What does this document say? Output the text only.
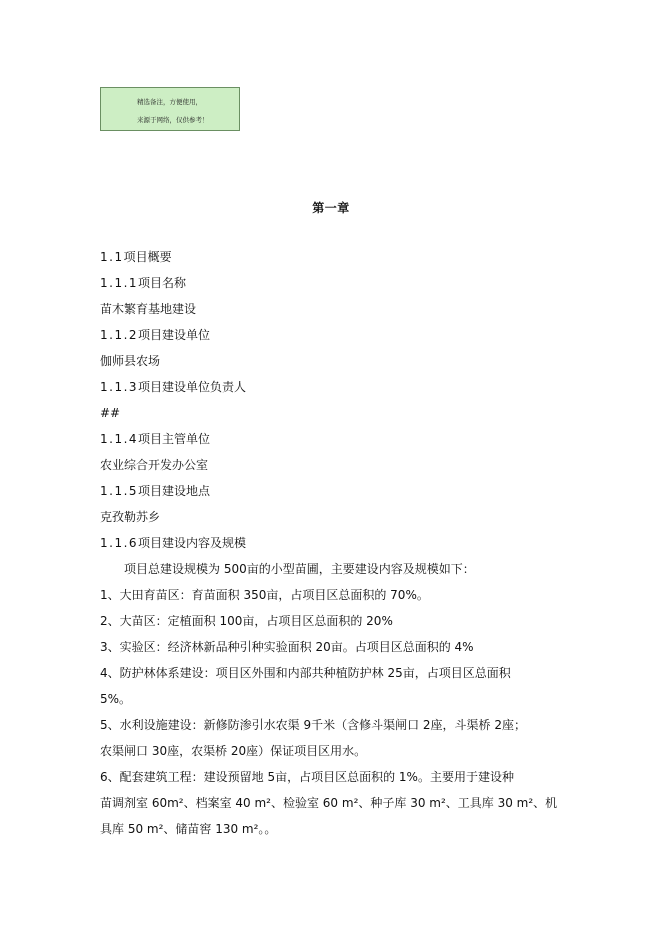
精选备注，方便使用，
来源于网络，仅供参考！
第一章
1.1项目概要
1.1.1项目名称
苗木繁育基地建设
1.1.2项目建设单位
伽师县农场
1.1.3项目建设单位负责人
##
1.1.4项目主管单位
农业综合开发办公室
1.1.5项目建设地点
克孜勒苏乡
1.1.6项目建设内容及规模
项目总建设规模为 500亩的小型苗圃，主要建设内容及规模如下：
1、大田育苗区：育苗面积 350亩，占项目区总面积的 70%。
2、大苗区：定植面积 100亩，占项目区总面积的 20%
3、实验区：经济林新品种引种实验面积 20亩。占项目区总面积的 4%
4、防护林体系建设：项目区外围和内部共种植防护林 25亩，占项目区总面积
5%。
5、水利设施建设：新修防渗引水农渠 9千米（含修斗渠闸口 2座，斗渠桥 2座；
农渠闸口 30座，农渠桥 20座）保证项目区用水。
6、配套建筑工程：建设预留地 5亩，占项目区总面积的 1%。主要用于建设种
苗调剂室 60m²、档案室 40 m²、检验室 60 m²、种子库 30 m²、工具库 30 m²、机
具库 50 m²、储苗窖 130 m²。。
